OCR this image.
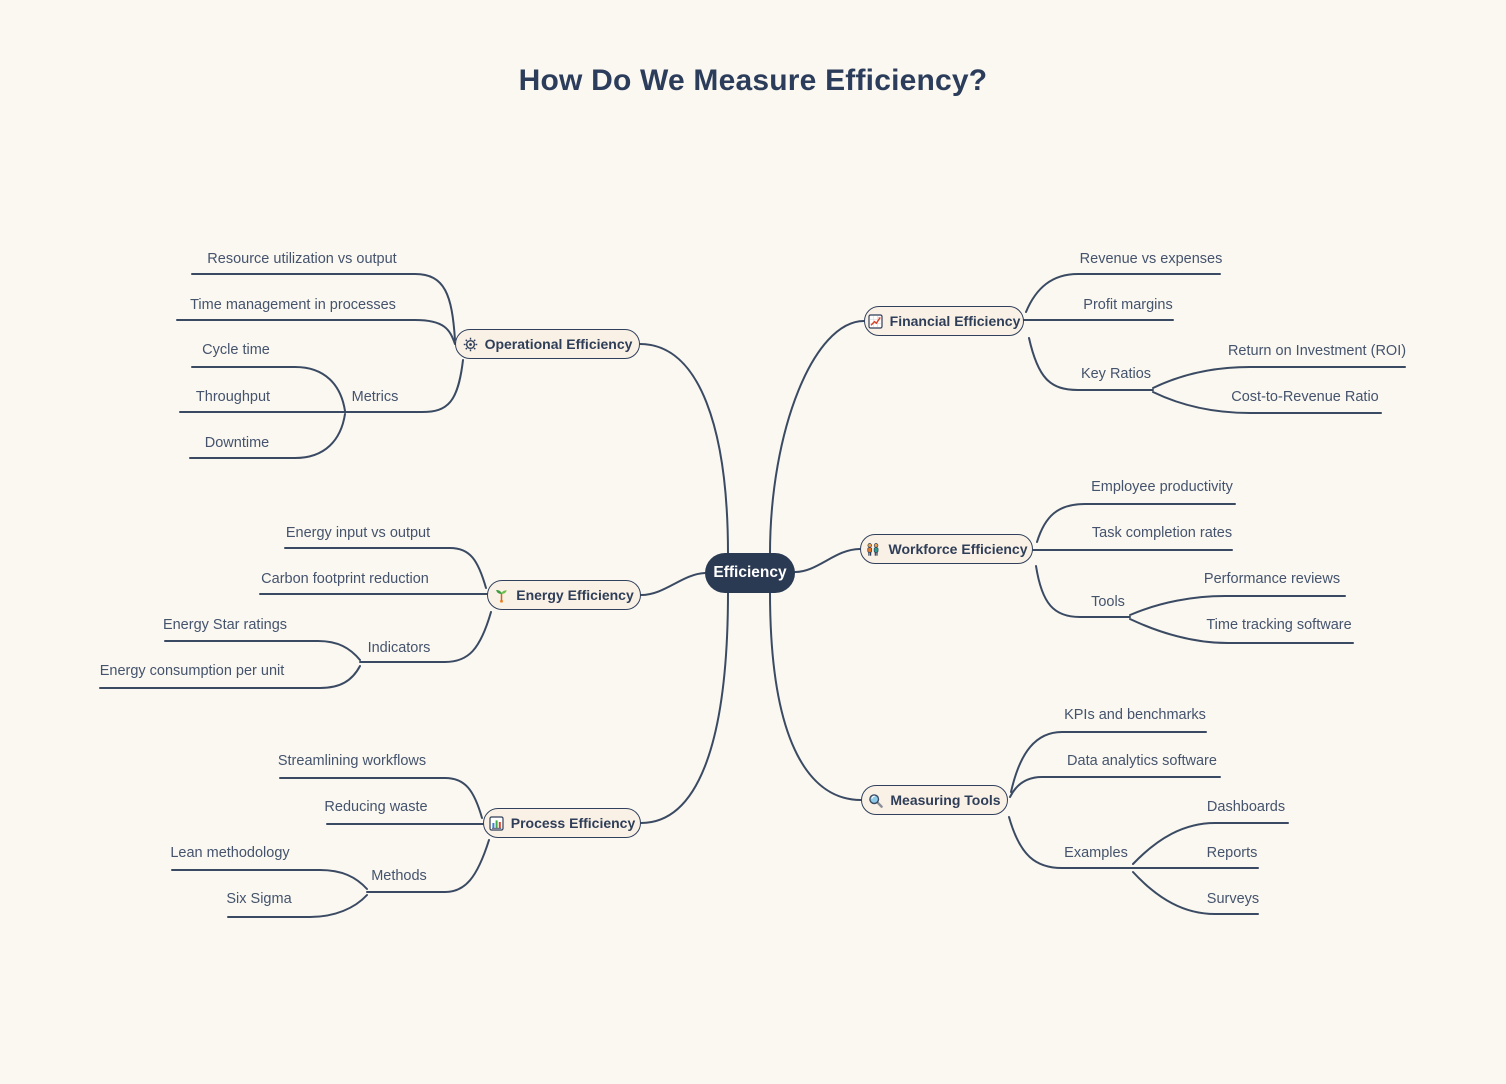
How Do We Measure Efficiency?
Efficiency
Operational Efficiency
Resource utilization vs output
Time management in processes
Metrics
Cycle time
Throughput
Downtime
Energy Efficiency
Energy input vs output
Carbon footprint reduction
Indicators
Energy Star ratings
Energy consumption per unit
Process Efficiency
Streamlining workflows
Reducing waste
Methods
Lean methodology
Six Sigma
Financial Efficiency
Revenue vs expenses
Profit margins
Key Ratios
Return on Investment (ROI)
Cost-to-Revenue Ratio
Workforce Efficiency
Employee productivity
Task completion rates
Tools
Performance reviews
Time tracking software
Measuring Tools
KPIs and benchmarks
Data analytics software
Examples
Dashboards
Reports
Surveys
